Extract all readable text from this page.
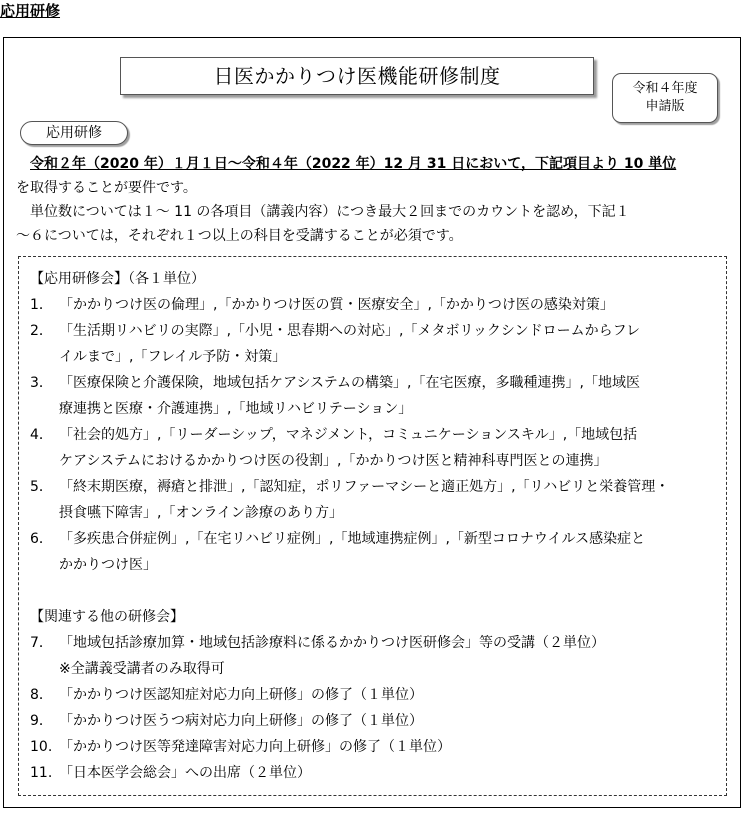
応用研修
日医かかりつけ医機能研修制度
令和４年度
申請版
応用研修

　令和２年（2020 年）１月１日〜令和４年（2022 年）12 月 31 日において，下記項目より 10 単位

を取得することが要件です。

　単位数については１〜 11 の各項目（講義内容）につき最大２回までのカウントを認め，下記１

〜６については，それぞれ１つ以上の科目を受講することが必須です。

【応用研修会】（各１単位）

1． 「かかりつけ医の倫理」,「かかりつけ医の質・医療安全」,「かかりつけ医の感染対策」
2． 「生活期リハビリの実際」,「小児・思春期への対応」,「メタボリックシンドロームからフレ
イルまで」,「フレイル予防・対策」
3． 「医療保険と介護保険，地域包括ケアシステムの構築」,「在宅医療，多職種連携」,「地域医
療連携と医療・介護連携」,「地域リハビリテーション」
4． 「社会的処方」,「リーダーシップ，マネジメント，コミュニケーションスキル」,「地域包括
ケアシステムにおけるかかりつけ医の役割」,「かかりつけ医と精神科専門医との連携」
5． 「終末期医療，褥瘡と排泄」,「認知症，ポリファーマシーと適正処方」,「リハビリと栄養管理・
摂食嚥下障害」,「オンライン診療のあり方」
6． 「多疾患合併症例」,「在宅リハビリ症例」,「地域連携症例」,「新型コロナウイルス感染症と
かかりつけ医」

【関連する他の研修会】

7． 「地域包括診療加算・地域包括診療料に係るかかりつけ医研修会」等の受講（２単位）
※全講義受講者のみ取得可
8． 「かかりつけ医認知症対応力向上研修」の修了（１単位）
9． 「かかりつけ医うつ病対応力向上研修」の修了（１単位）
10. 「かかりつけ医等発達障害対応力向上研修」の修了（１単位）
11. 「日本医学会総会」への出席（２単位）
